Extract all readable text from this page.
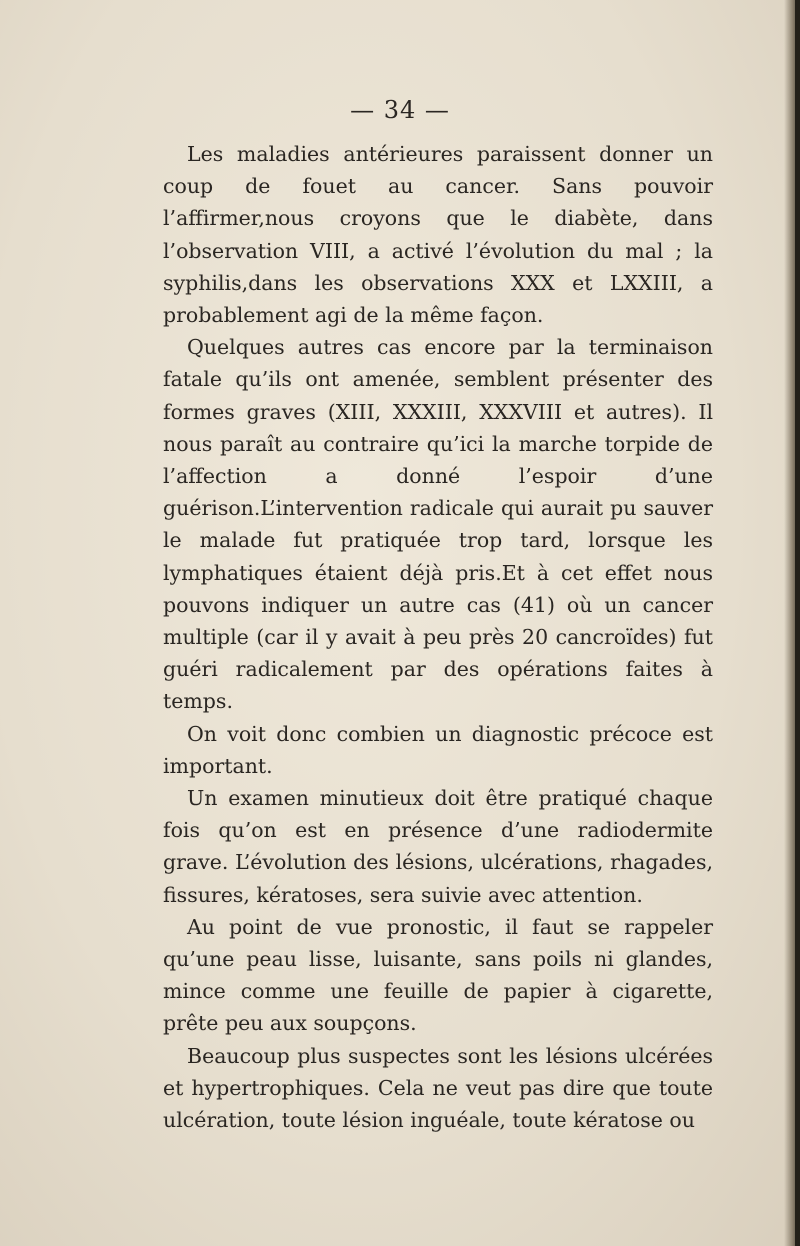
— 34 —

Les maladies antérieures paraissent donner un coup de fouet au cancer. Sans pouvoir l’affirmer,nous croyons que le diabète, dans l’observation VIII, a activé l’évolution du mal ; la syphilis,dans les observations XXX et LXXIII, a probablement agi de la même façon.

Quelques autres cas encore par la terminaison fatale qu’ils ont amenée, semblent présenter des formes graves (XIII, XXXIII, XXXVIII et autres). Il nous paraît au contraire qu’ici la marche torpide de l’affection a donné l’espoir d’une guérison.L’intervention radicale qui aurait pu sauver le malade fut pratiquée trop tard, lorsque les lymphatiques étaient déjà pris.Et à cet effet nous pouvons indiquer un autre cas (41) où un cancer multiple (car il y avait à peu près 20 cancroïdes) fut guéri radicalement par des opérations faites à temps.

On voit donc combien un diagnostic précoce est important.

Un examen minutieux doit être pratiqué chaque fois qu’on est en présence d’une radiodermite grave. L’évolution des lésions, ulcérations, rhagades, fissures, kératoses, sera suivie avec attention.

Au point de vue pronostic, il faut se rappeler qu’une peau lisse, luisante, sans poils ni glandes, mince comme une feuille de papier à cigarette, prête peu aux soupçons.

Beaucoup plus suspectes sont les lésions ulcérées et hypertrophiques. Cela ne veut pas dire que toute ulcération, toute lésion inguéale, toute kératose ou
